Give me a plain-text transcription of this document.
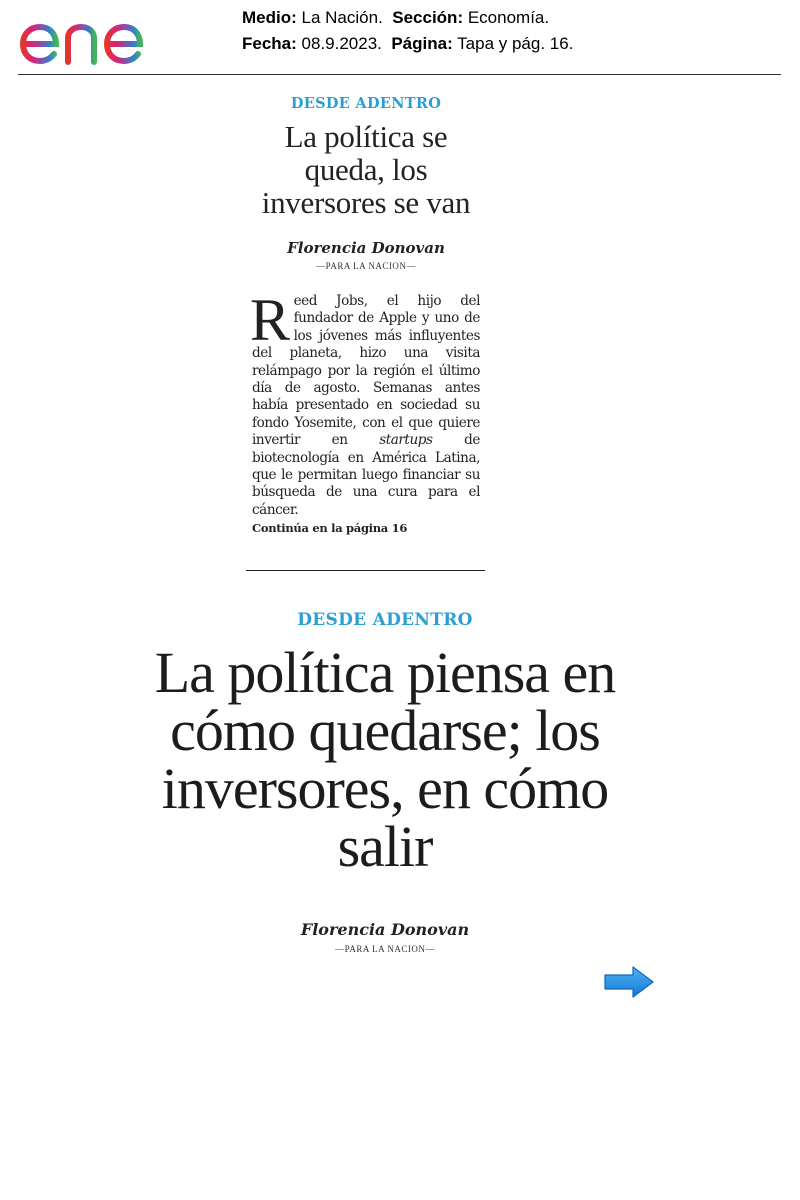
Medio: La Nación. Sección: Economía.
Fecha: 08.9.2023. Página: Tapa y pág. 16.
DESDE ADENTRO
La política se queda, los inversores se van
Florencia Donovan
—PARA LA NACION—

Reed Jobs, el hijo del fundador de Apple y uno de los jóvenes más influyentes del planeta, hizo una visita relámpago por la región el último día de agosto. Semanas antes había presentado en sociedad su fondo Yosemite, con el que quiere invertir en startups de biotecnología en América Latina, que le permitan luego financiar su búsqueda de una cura para el cáncer.

Continúa en la página 16
DESDE ADENTRO
La política piensa en cómo quedarse; los inversores, en cómo salir
Florencia Donovan
—PARA LA NACION—
